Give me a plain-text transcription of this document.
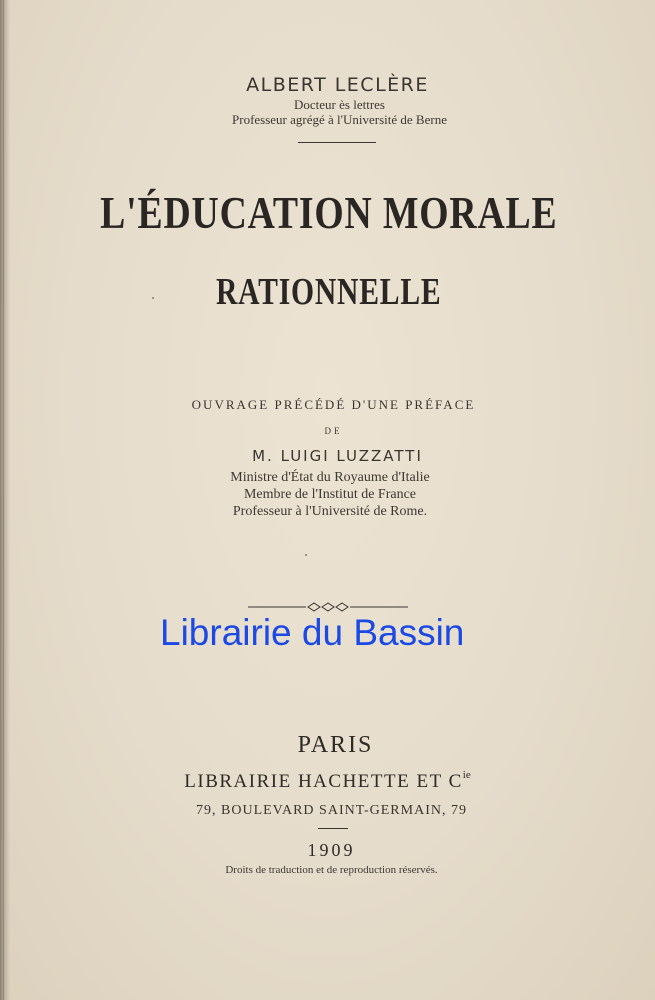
ALBERT LECLÈRE
Docteur ès lettres
Professeur agrégé à l'Université de Berne
L'ÉDUCATION MORALE
RATIONNELLE
OUVRAGE PRÉCÉDÉ D'UNE PRÉFACE
DE
M. LUIGI LUZZATTI
Ministre d'État du Royaume d'Italie
Membre de l'Institut de France
Professeur à l'Université de Rome.
Librairie du Bassin
PARIS
LIBRAIRIE HACHETTE ET $C^{ie}$
79, BOULEVARD SAINT-GERMAIN, 79
1909
Droits de traduction et de reproduction réservés.
